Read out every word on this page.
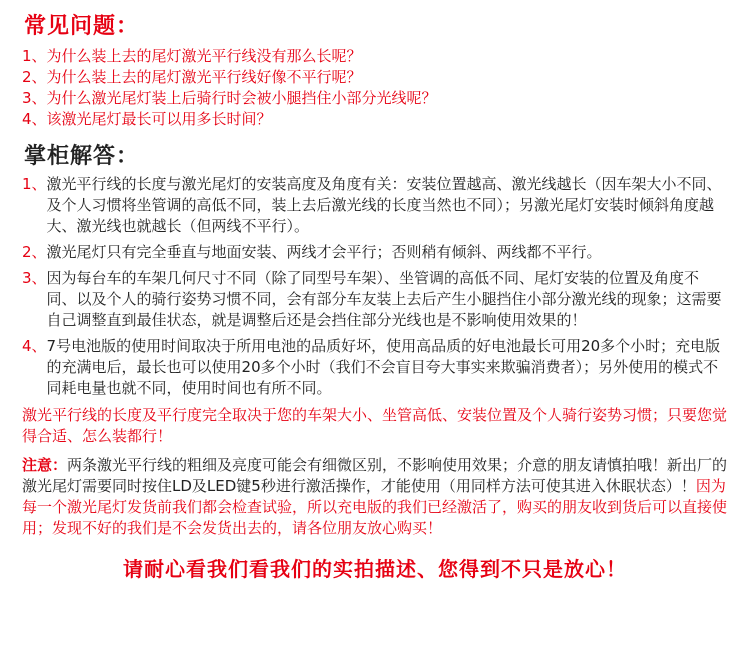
常见问题：

1、为什么装上去的尾灯激光平行线没有那么长呢？

2、为什么装上去的尾灯激光平行线好像不平行呢？

3、为什么激光尾灯装上后骑行时会被小腿挡住小部分光线呢？

4、该激光尾灯最长可以用多长时间？

掌柜解答：
1、 激光平行线的长度与激光尾灯的安装高度及角度有关：安装位置越高、激光线越长（因车架大小不同、及个人习惯将坐管调的高低不同，装上去后激光线的长度当然也不同）；另激光尾灯安装时倾斜角度越大、激光线也就越长（但两线不平行）。
2、 激光尾灯只有完全垂直与地面安装、两线才会平行；否则稍有倾斜、两线都不平行。
3、 因为每台车的车架几何尺寸不同（除了同型号车架）、坐管调的高低不同、尾灯安装的位置及角度不同、以及个人的骑行姿势习惯不同，会有部分车友装上去后产生小腿挡住小部分激光线的现象；这需要自己调整直到最佳状态，就是调整后还是会挡住部分光线也是不影响使用效果的！
4、 7号电池版的使用时间取决于所用电池的品质好坏，使用高品质的好电池最长可用20多个小时；充电版的充满电后，最长也可以使用20多个小时（我们不会盲目夸大事实来欺骗消费者）；另外使用的模式不同耗电量也就不同，使用时间也有所不同。

激光平行线的长度及平行度完全取决于您的车架大小、坐管高低、安装位置及个人骑行姿势习惯；只要您觉得合适、怎么装都行！

注意：两条激光平行线的粗细及亮度可能会有细微区别，不影响使用效果；介意的朋友请慎拍哦！新出厂的激光尾灯需要同时按住LD及LED键5秒进行激活操作，才能使用（用同样方法可使其进入休眠状态）！因为每一个激光尾灯发货前我们都会检查试验，所以充电版的我们已经激活了，购买的朋友收到货后可以直接使用；发现不好的我们是不会发货出去的，请各位朋友放心购买！

请耐心看我们看我们的实拍描述、您得到不只是放心！
